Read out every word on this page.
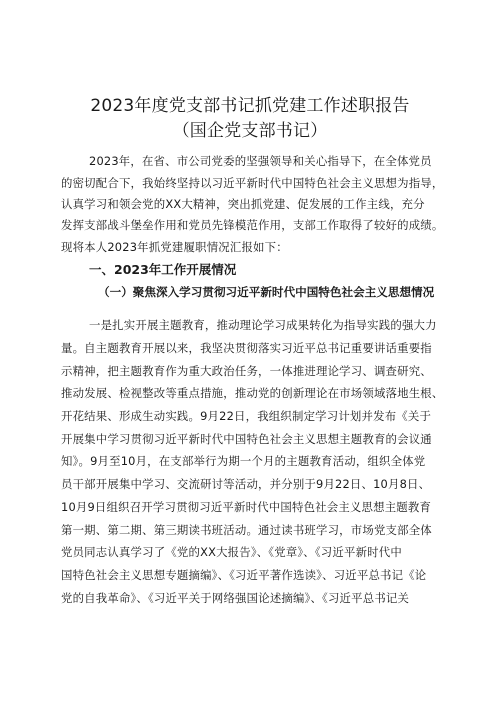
2023年度党支部书记抓党建工作述职报告
（国企党支部书记）
2023年，在省、市公司党委的坚强领导和关心指导下，在全体党员
的密切配合下，我始终坚持以习近平新时代中国特色社会主义思想为指导，
认真学习和领会党的XX大精神，突出抓党建、促发展的工作主线，充分
发挥支部战斗堡垒作用和党员先锋模范作用，支部工作取得了较好的成绩。
一、2023年工作开展情况
现将本人2023年抓党建履职情况汇报如下：
（一）聚焦深入学习贯彻习近平新时代中国特色社会主义思想情况
一是扎实开展主题教育，推动理论学习成果转化为指导实践的强大力
量。自主题教育开展以来，我坚决贯彻落实习近平总书记重要讲话重要指
示精神，把主题教育作为重大政治任务，一体推进理论学习、调查研究、
推动发展、检视整改等重点措施，推动党的创新理论在市场领域落地生根、
开花结果、形成生动实践。9月22日，我组织制定学习计划并发布《关于
开展集中学习贯彻习近平新时代中国特色社会主义思想主题教育的会议通
知》。9月至10月，在支部举行为期一个月的主题教育活动，组织全体党
员干部开展集中学习、交流研讨等活动，并分别于9月22日、10月8日、
10月9日组织召开学习贯彻习近平新时代中国特色社会主义思想主题教育
第一期、第二期、第三期读书班活动。通过读书班学习，市场党支部全体
党员同志认真学习了《党的XX大报告》、《党章》、《习近平新时代中
国特色社会主义思想专题摘编》、《习近平著作选读》、习近平总书记《论
党的自我革命》、《习近平关于网络强国论述摘编》、《习近平总书记关
